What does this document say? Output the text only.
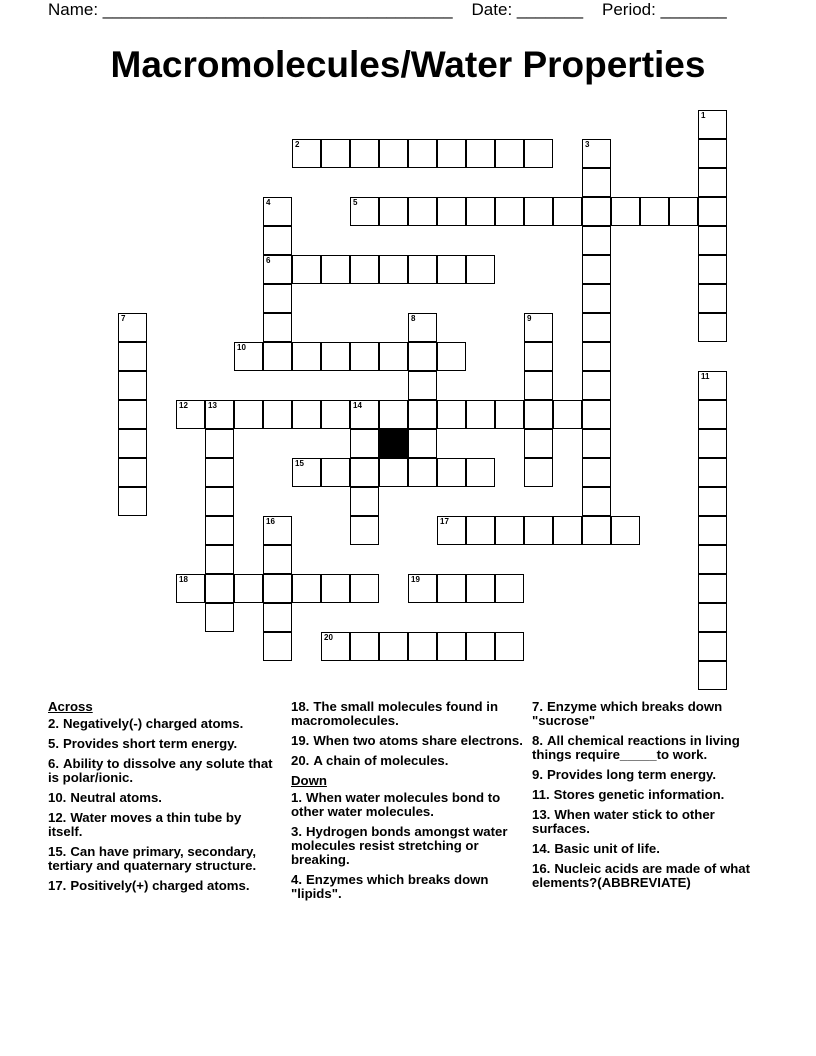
Name: _____________________________________ Date: _______ Period: _______
Macromolecules/Water Properties
1
2	3
4
6
5
7	8	9
10
11
12	13	14
15
16	17
18	19
20
Across
2. Negatively(-) charged atoms.
5. Provides short term energy.
6. Ability to dissolve any solute that is polar/ionic.
10. Neutral atoms.
12. Water moves a thin tube by itself.
15. Can have primary, secondary, tertiary and quaternary structure.
17. Positively(+) charged atoms.
18. The small molecules found in macromolecules.
19. When two atoms share electrons.
20. A chain of molecules.
Down
1. When water molecules bond to other water molecules.
3. Hydrogen bonds amongst water molecules resist stretching or breaking.
4. Enzymes which breaks down "lipids".
7. Enzyme which breaks down "sucrose"
8. All chemical reactions in living things require_____to work.
9. Provides long term energy.
11. Stores genetic information.
13. When water stick to other surfaces.
14. Basic unit of life.
16. Nucleic acids are made of what elements?(ABBREVIATE)
